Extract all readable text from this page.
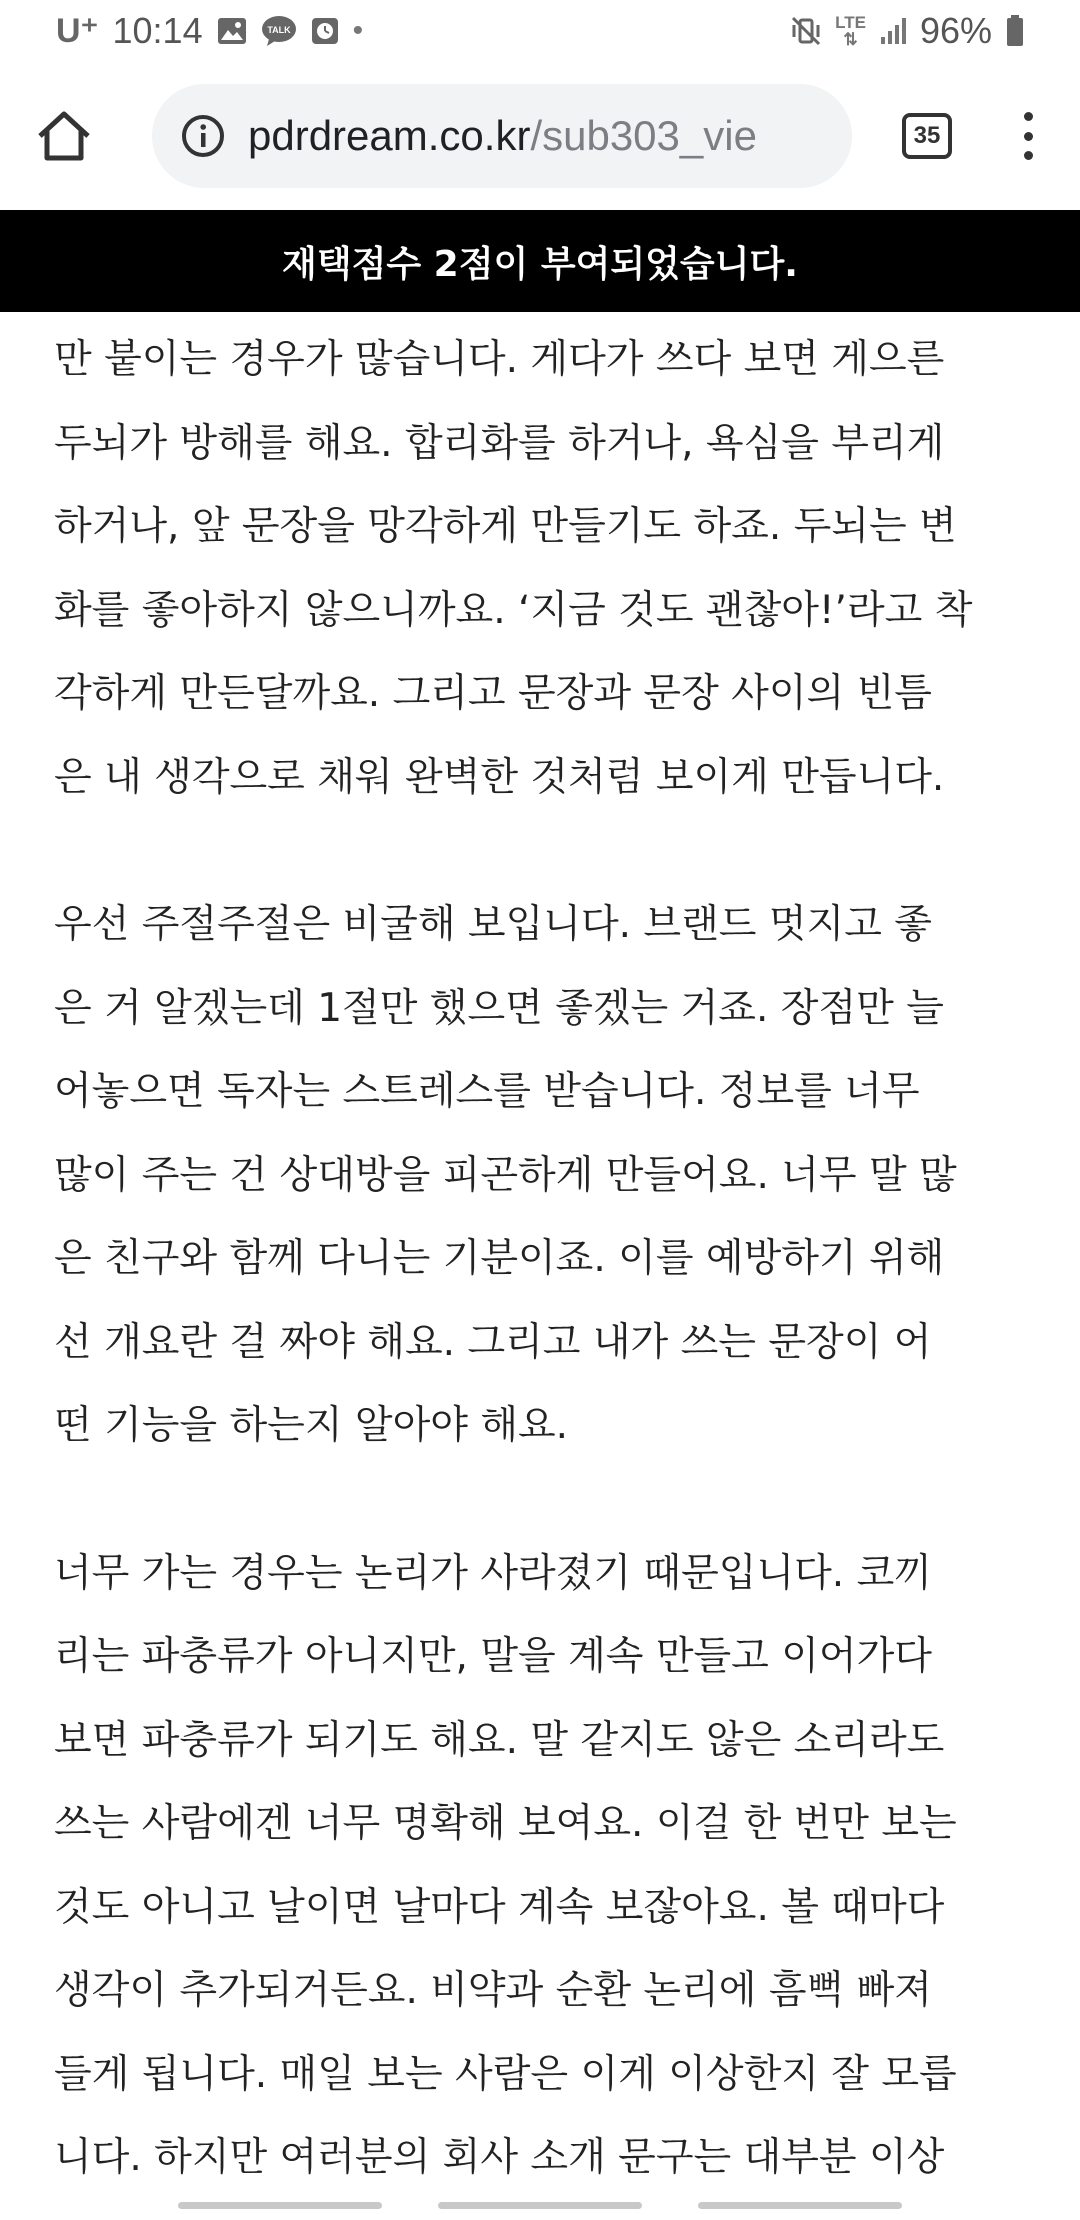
U⁺ 10:14	TALK •	LTE
⇅ 96%
pdrdream.co.kr /sub303_vie	35
재택점수 2점이 부여되었습니다.

만 붙이는 경우가 많습니다. 게다가 쓰다 보면 게으른
두뇌가 방해를 해요. 합리화를 하거나, 욕심을 부리게
하거나, 앞 문장을 망각하게 만들기도 하죠. 두뇌는 변
화를 좋아하지 않으니까요. ‘지금 것도 괜찮아!’라고 착
각하게 만든달까요. 그리고 문장과 문장 사이의 빈틈
은 내 생각으로 채워 완벽한 것처럼 보이게 만듭니다.

우선 주절주절은 비굴해 보입니다. 브랜드 멋지고 좋
은 거 알겠는데 1절만 했으면 좋겠는 거죠. 장점만 늘
어놓으면 독자는 스트레스를 받습니다. 정보를 너무
많이 주는 건 상대방을 피곤하게 만들어요. 너무 말 많
은 친구와 함께 다니는 기분이죠. 이를 예방하기 위해
선 개요란 걸 짜야 해요. 그리고 내가 쓰는 문장이 어
떤 기능을 하는지 알아야 해요.

너무 가는 경우는 논리가 사라졌기 때문입니다. 코끼
리는 파충류가 아니지만, 말을 계속 만들고 이어가다
보면 파충류가 되기도 해요. 말 같지도 않은 소리라도
쓰는 사람에겐 너무 명확해 보여요. 이걸 한 번만 보는
것도 아니고 날이면 날마다 계속 보잖아요. 볼 때마다
생각이 추가되거든요. 비약과 순환 논리에 흠뻑 빠져
들게 됩니다. 매일 보는 사람은 이게 이상한지 잘 모릅
니다. 하지만 여러분의 회사 소개 문구는 대부분 이상
